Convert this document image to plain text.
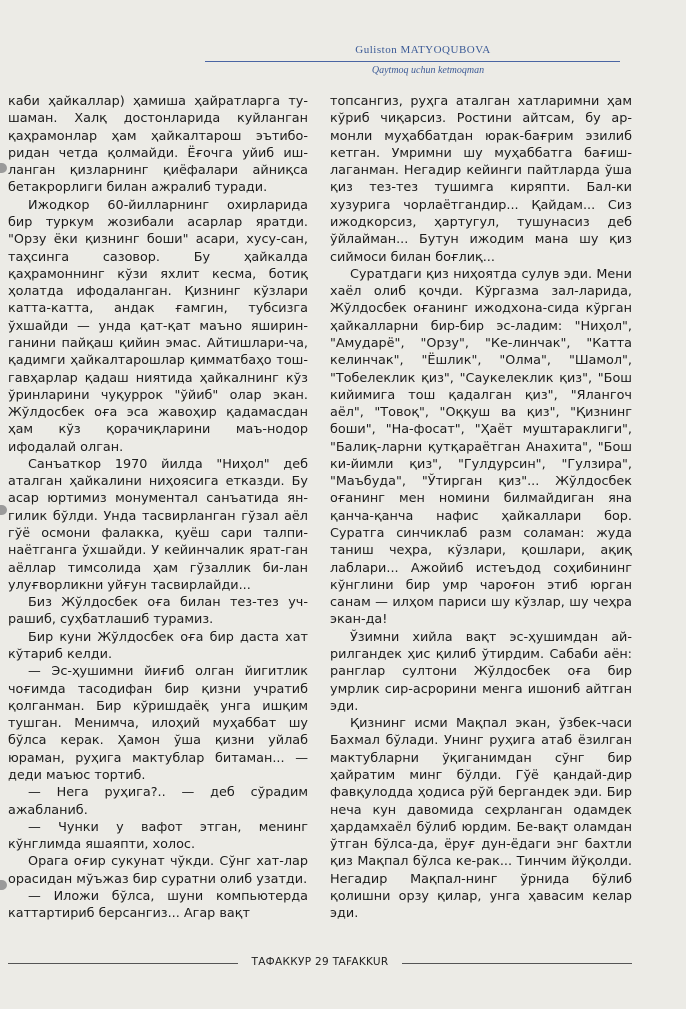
Gulistоn MATYOQUBOVA
Qаytmoq uchun ketmoqman

каби ҳайкаллар) ҳамиша ҳайратларга ту-шаман. Халқ достонларида куйланган қаҳрамонлар ҳам ҳайкалтарош эътибо-ридан четда қолмайди. Ёғочга уйиб иш-ланган қизларнинг қиёфалари айниқса бетакрорлиги билан ажралиб туради.

Ижодкор 60-йилларнинг охирларида бир туркум жозибали асарлар яратди. "Орзу ёки қизнинг боши" асари, хусу-сан, таҳсинга сазовор. Бу ҳайкалда қаҳрамоннинг кўзи яхлит кесма, ботиқ ҳолатда ифодаланган. Қизнинг кўзлари катта-катта, андак ғамгин, тубсизга ўхшайди — унда қат-қат маъно яширин-ганини пайқаш қийин эмас. Айтишлари-ча, қадимги ҳайкалтарошлар қимматбаҳо тош-гавҳарлар қадаш ниятида ҳайкалнинг кўз ўринларини чуқуррок "ўйиб" олар экан. Жўлдосбек оға эса жавоҳир қадамасдан ҳам кўз қорачиқларини маъ-нодор ифодалай олган.

Санъаткор 1970 йилда "Ниҳол" деб аталган ҳайкалини ниҳоясига етказди. Бу асар юртимиз монументал санъатида ян-гилик бўлди. Унда тасвирланган гўзал аёл гўё осмони фалакка, қуёш сари талпи-наётганга ўхшайди. У кейинчалик ярат-ган аёллар тимсолида ҳам гўзаллик би-лан улуғворликни уйғун тасвирлайди...

Биз Жўлдосбек оға билан тез-тез уч-рашиб, суҳбатлашиб турамиз.

Бир куни Жўлдосбек оға бир даста хат кўтариб келди.

— Эс-ҳушимни йиғиб олган йигитлик чоғимда тасодифан бир қизни учратиб қолганман. Бир кўришдаёқ унга ишқим тушган. Менимча, илоҳий муҳаббат шу бўлса керак. Ҳамон ўша қизни уйлаб юраман, руҳига мактублар битаман... — деди маъюс тортиб.

— Нега руҳига?.. — деб сўрадим ажабланиб.

— Чунки у вафот этган, менинг кўнглимда яшаяпти, холос.

Орага оғир сукунат чўкди. Сўнг хат-лар орасидан мўъжаз бир суратни олиб узатди.

— Иложи бўлса, шуни компьютерда каттартириб берсангиз... Агар вақт

топсангиз, руҳга аталган хатларимни ҳам кўриб чиқарсиз. Ростини айтсам, бу ар-монли муҳаббатдан юрак-бағрим эзилиб кетган. Умримни шу муҳаббатга бағиш-лаганман. Негадир кейинги пайтларда ўша қиз тез-тез тушимга киряпти. Бал-ки хузурига чорлаётгандир... Қайдам... Сиз ижодкорсиз, ҳартугул, тушунасиз деб ўйлайман... Бутун ижодим мана шу қиз сиймоси билан боғлиқ...

Суратдаги қиз ниҳоятда сулув эди. Мени хаёл олиб қочди. Кўргазма зал-ларида, Жўлдосбек оғанинг ижодхона-сида кўрган ҳайкалларни бир-бир эс-ладим: "Ниҳол", "Амударё", "Орзу", "Ке-линчак", "Катта келинчак", "Ёшлик", "Олма", "Шамол", "Тобелеклик қиз", "Саукелеклик қиз", "Бош кийимига тош қадалган қиз", "Ялангоч аёл", "Товоқ", "Оққуш ва қиз", "Қизнинг боши", "На-фосат", "Ҳаёт муштараклиги", "Балиқ-ларни қутқараётган Анахита", "Бош ки-йимли қиз", "Гулдурсин", "Гулзира", "Маъбуда", "Ўтирган қиз"... Жўлдосбек оғанинг мен номини билмайдиган яна қанча-қанча нафис ҳайкаллари бор. Суратга синчиклаб разм соламан: жуда таниш чеҳра, кўзлари, қошлари, ақиқ лаблари... Ажойиб истеъдод соҳибининг кўнглини бир умр чароғон этиб юрган санам — илҳом париси шу кўзлар, шу чеҳра экан-да!

Ўзимни хийла вақт эс-ҳушимдан ай-рилгандек ҳис қилиб ўтирдим. Сабаби аён: ранглар султони Жўлдосбек оға бир умрлик сир-асрорини менга ишониб айтган эди.

Қизнинг исми Мақпал экан, ўзбек-часи Бахмал бўлади. Унинг руҳига атаб ёзилган мактубларни ўқиганимдан сўнг бир ҳайратим минг бўлди. Гўё қандай-дир фавқулодда ҳодиса рўй бергандек эди. Бир неча кун давомида сеҳрланган одамдек ҳардамхаёл бўлиб юрдим. Бе-вақт оламдан ўтган бўлса-да, ёруғ дун-ёдаги энг бахтли қиз Мақпал бўлса ке-рак... Тинчим йўқолди. Негадир Мақпал-нинг ўрнида бўлиб қолишни орзу қилар, унга ҳавасим келар эди.

ТАФАККУР 29 TAFAKKUR
